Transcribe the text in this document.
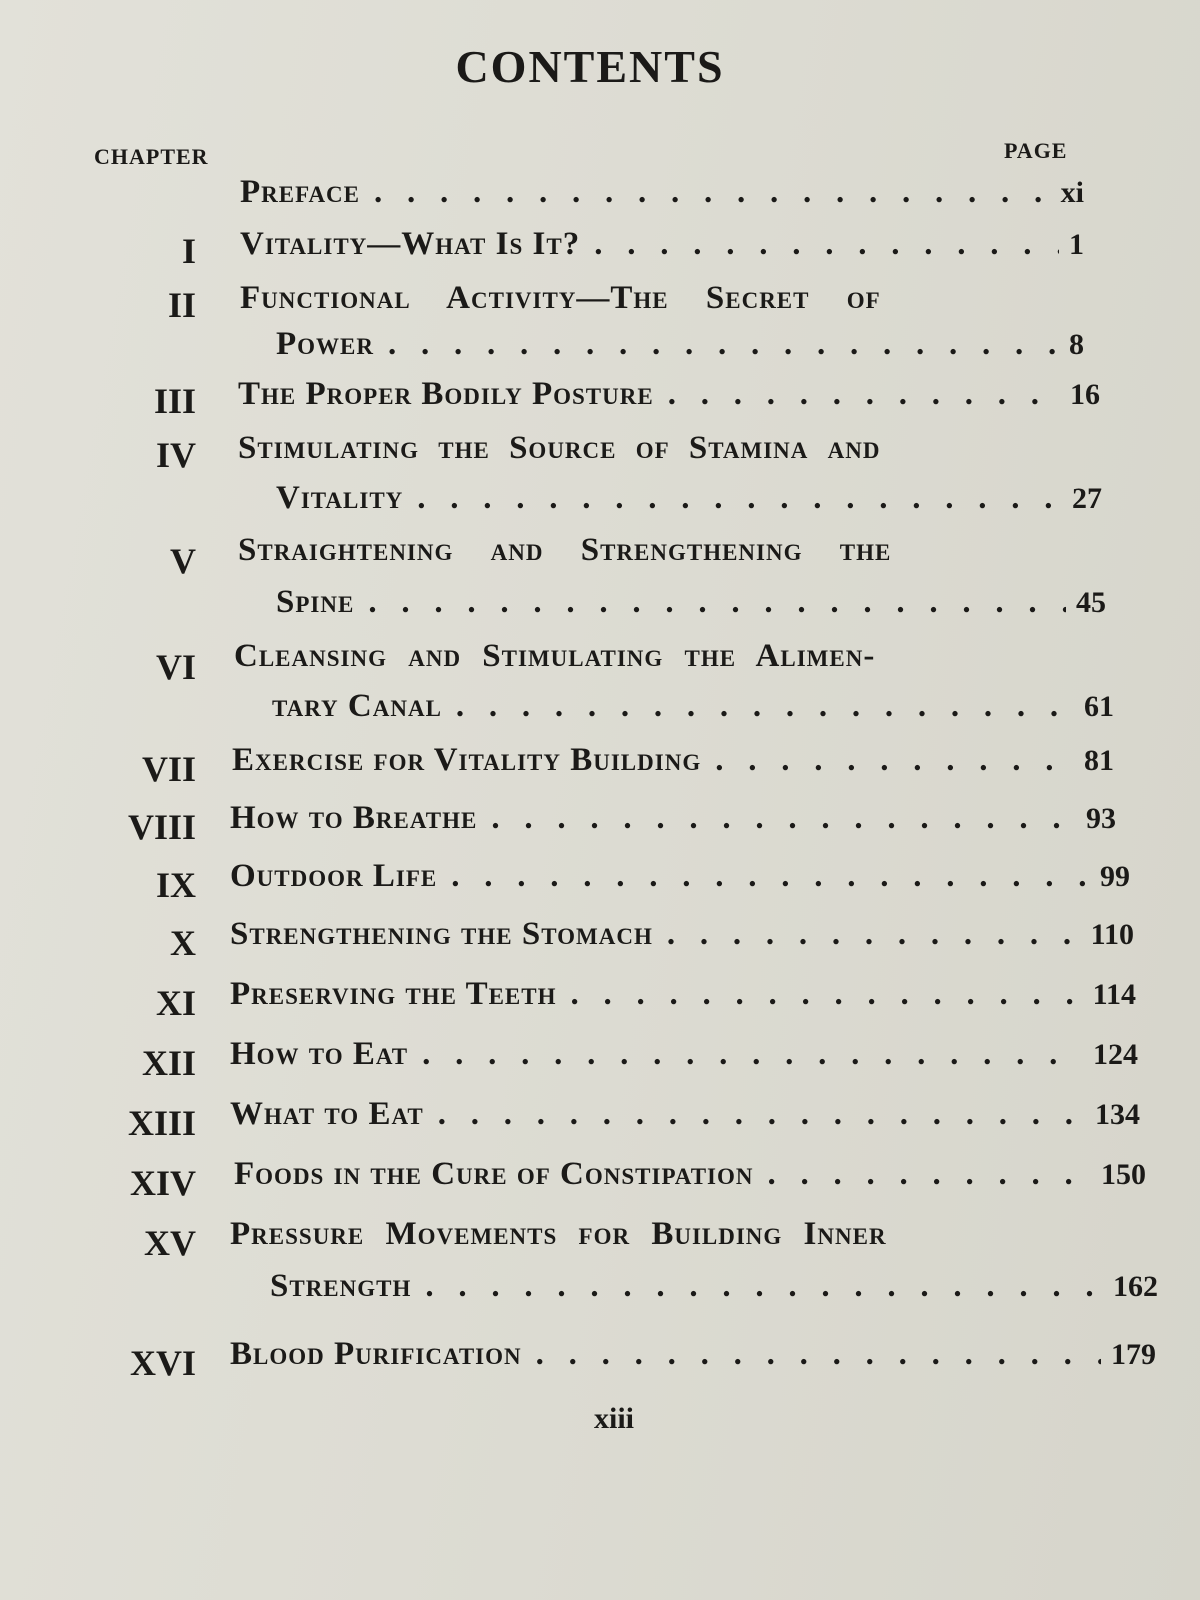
CONTENTS
CHAPTER	PAGE
Preface . .	xi
I Vitality—What Is It? . .	1
II Functional Activity—The Secret of
Power . .	8
III The Proper Bodily Posture . .	16
IV Stimulating the Source of Stamina and
Vitality . .	27
V Straightening and Strengthening the
Spine . .	45
VI Cleansing and Stimulating the Alimen-
tary Canal . .	61
VII Exercise for Vitality Building . .	81
VIII How to Breathe . .	93
IX Outdoor Life . .	99
X Strengthening the Stomach . .	110
XI Preserving the Teeth . .	114
XII How to Eat . .	124
XIII What to Eat . .	134
XIV Foods in the Cure of Constipation . .	150
XV Pressure Movements for Building Inner
Strength . .	162
XVI Blood Purification . .	179
xiii
